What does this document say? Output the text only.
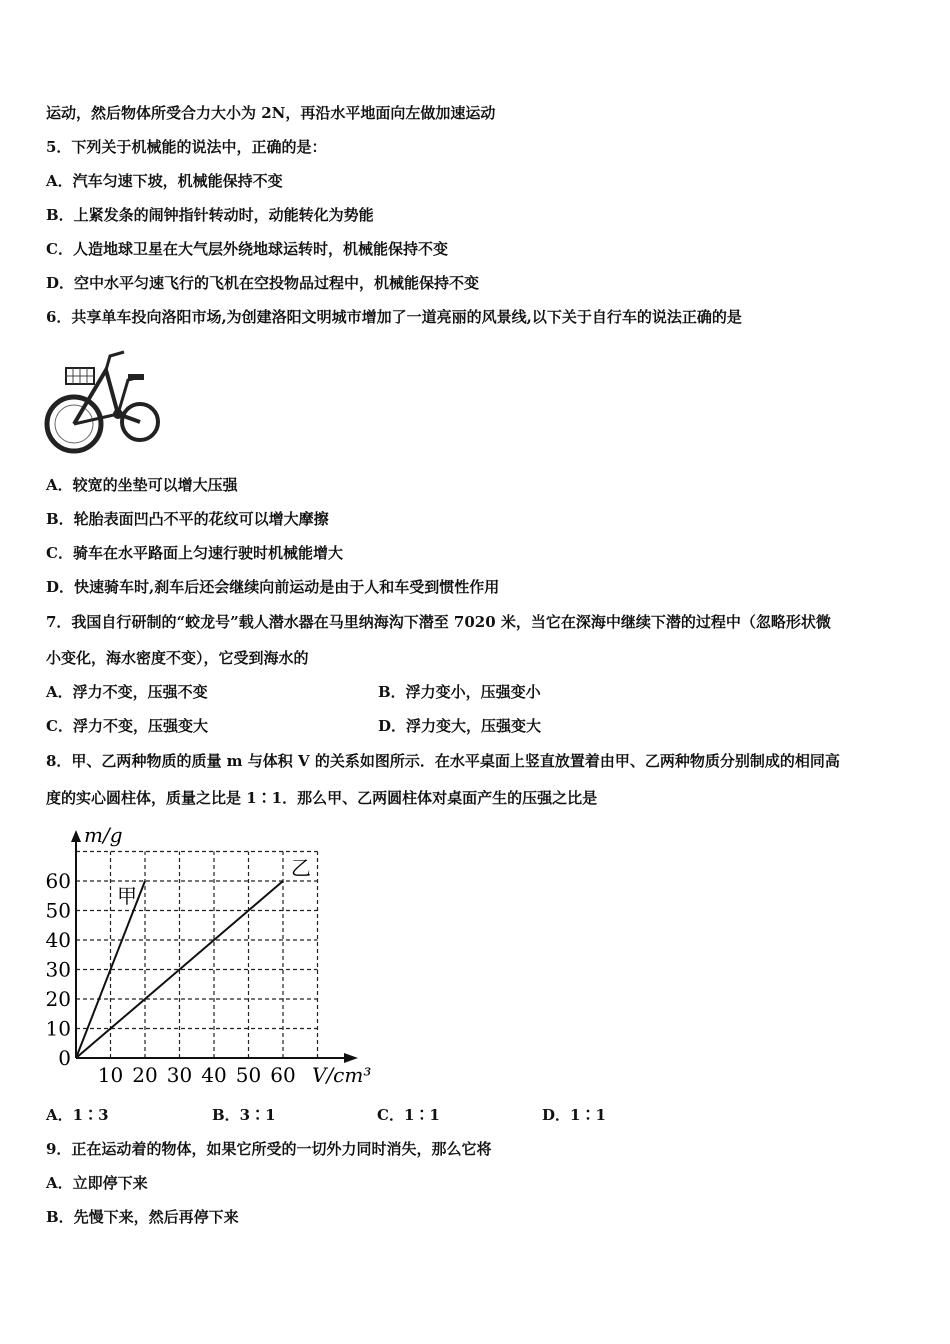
运动，然后物体所受合力大小为 2N，再沿水平地面向左做加速运动
5．下列关于机械能的说法中，正确的是：
A．汽车匀速下坡，机械能保持不变
B．上紧发条的闹钟指针转动时，动能转化为势能
C．人造地球卫星在大气层外绕地球运转时，机械能保持不变
D．空中水平匀速飞行的飞机在空投物品过程中，机械能保持不变
6．共享单车投向洛阳市场,为创建洛阳文明城市增加了一道亮丽的风景线,以下关于自行车的说法正确的是
A．较宽的坐垫可以增大压强
B．轮胎表面凹凸不平的花纹可以增大摩擦
C．骑车在水平路面上匀速行驶时机械能增大
D．快速骑车时,刹车后还会继续向前运动是由于人和车受到惯性作用
7．我国自行研制的“蛟龙号”载人潜水器在马里纳海沟下潜至 7020 米，当它在深海中继续下潜的过程中（忽略形状微
小变化，海水密度不变），它受到海水的
A．浮力不变，压强不变	B．浮力变小，压强变小
C．浮力不变，压强变大	D．浮力变大，压强变大
8．甲、乙两种物质的质量 m 与体积 V 的关系如图所示．在水平桌面上竖直放置着由甲、乙两种物质分别制成的相同高
度的实心圆柱体，质量之比是 1∶1．那么甲、乙两圆柱体对桌面产生的压强之比是
0
10
20
30
40
50
60
10 20 30 40 50 60
甲
乙
m/g
V/cm³
A．1∶3	B．3∶1	C．1∶1	D．1∶1
9．正在运动着的物体，如果它所受的一切外力同时消失，那么它将
A．立即停下来
B．先慢下来，然后再停下来
